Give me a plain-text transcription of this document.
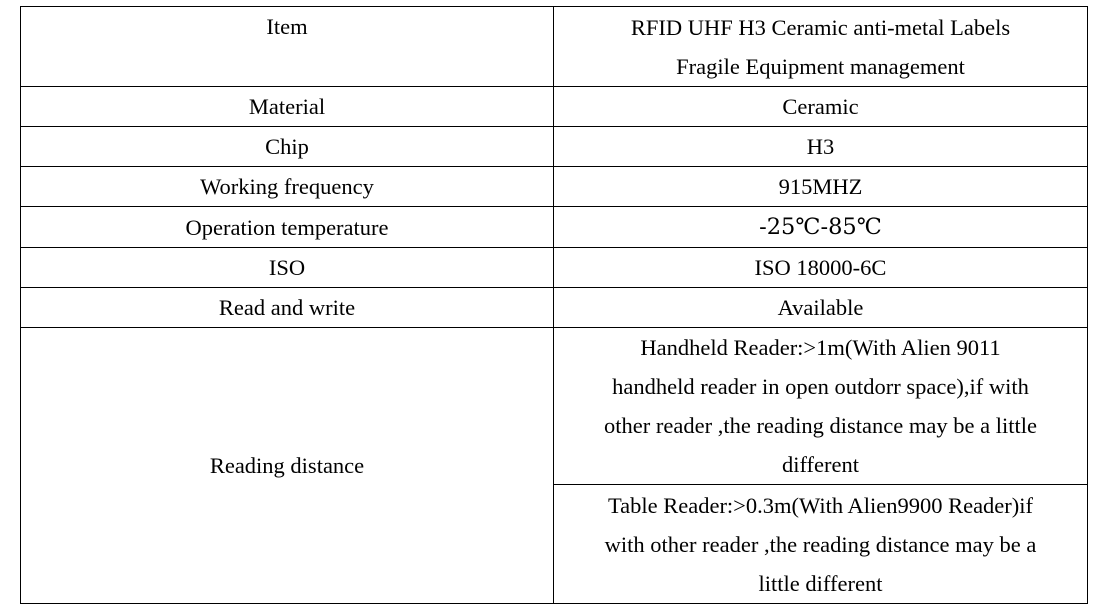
Item	RFID UHF H3 Ceramic anti-metal Labels
Fragile Equipment management

Material	Ceramic
Chip	H3
Working frequency	915MHZ
Operation temperature	-25℃-85℃
ISO	ISO 18000-6C
Read and write	Available
Reading distance	Handheld Reader:>1m(With Alien 9011
handheld reader in open outdorr space),if with
other reader ,the reading distance may be a little
different

	Table Reader:>0.3m(With Alien9900 Reader)if
with other reader ,the reading distance may be a
little different
